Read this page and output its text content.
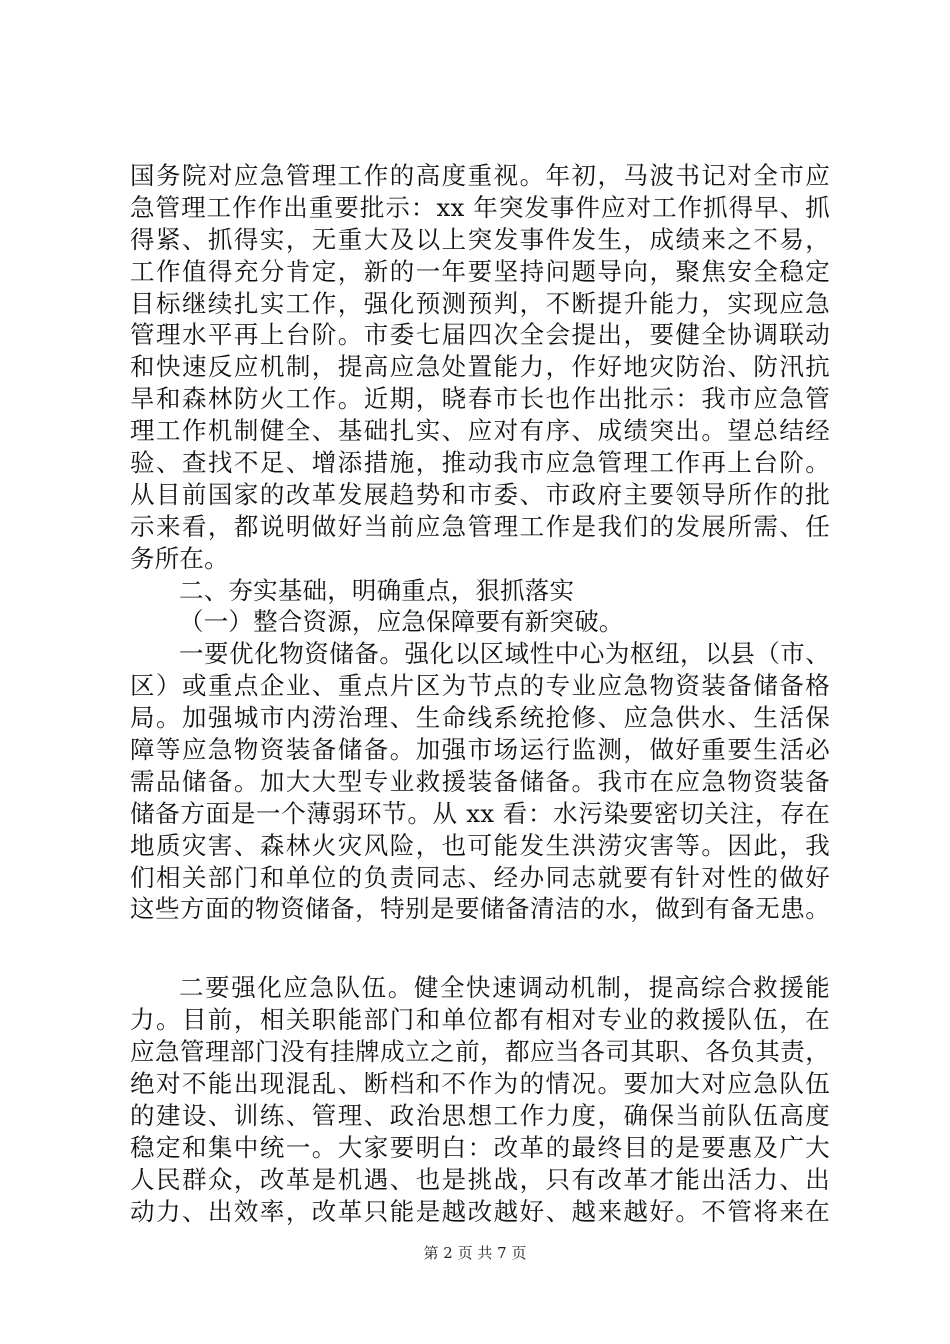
国务院对应急管理工作的高度重视。年初，马波书记对全市应
急管理工作作出重要批示：xx 年突发事件应对工作抓得早、抓
得紧、抓得实，无重大及以上突发事件发生，成绩来之不易，
工作值得充分肯定，新的一年要坚持问题导向，聚焦安全稳定
目标继续扎实工作，强化预测预判，不断提升能力，实现应急
管理水平再上台阶。市委七届四次全会提出，要健全协调联动
和快速反应机制，提高应急处置能力，作好地灾防治、防汛抗
旱和森林防火工作。近期，晓春市长也作出批示：我市应急管
理工作机制健全、基础扎实、应对有序、成绩突出。望总结经
验、查找不足、增添措施，推动我市应急管理工作再上台阶。
从目前国家的改革发展趋势和市委、市政府主要领导所作的批
示来看，都说明做好当前应急管理工作是我们的发展所需、任
务所在。
二、夯实基础，明确重点，狠抓落实
（一）整合资源，应急保障要有新突破。
一要优化物资储备。强化以区域性中心为枢纽，以县（市、
区）或重点企业、重点片区为节点的专业应急物资装备储备格
局。加强城市内涝治理、生命线系统抢修、应急供水、生活保
障等应急物资装备储备。加强市场运行监测，做好重要生活必
需品储备。加大大型专业救援装备储备。我市在应急物资装备
储备方面是一个薄弱环节。从 xx 看：水污染要密切关注，存在
地质灾害、森林火灾风险，也可能发生洪涝灾害等。因此，我
们相关部门和单位的负责同志、经办同志就要有针对性的做好
这些方面的物资储备，特别是要储备清洁的水，做到有备无患。
二要强化应急队伍。健全快速调动机制，提高综合救援能
力。目前，相关职能部门和单位都有相对专业的救援队伍，在
应急管理部门没有挂牌成立之前，都应当各司其职、各负其责，
绝对不能出现混乱、断档和不作为的情况。要加大对应急队伍
的建设、训练、管理、政治思想工作力度，确保当前队伍高度
稳定和集中统一。大家要明白：改革的最终目的是要惠及广大
人民群众，改革是机遇、也是挑战，只有改革才能出活力、出
动力、出效率，改革只能是越改越好、越来越好。不管将来在
第 2 页 共 7 页
